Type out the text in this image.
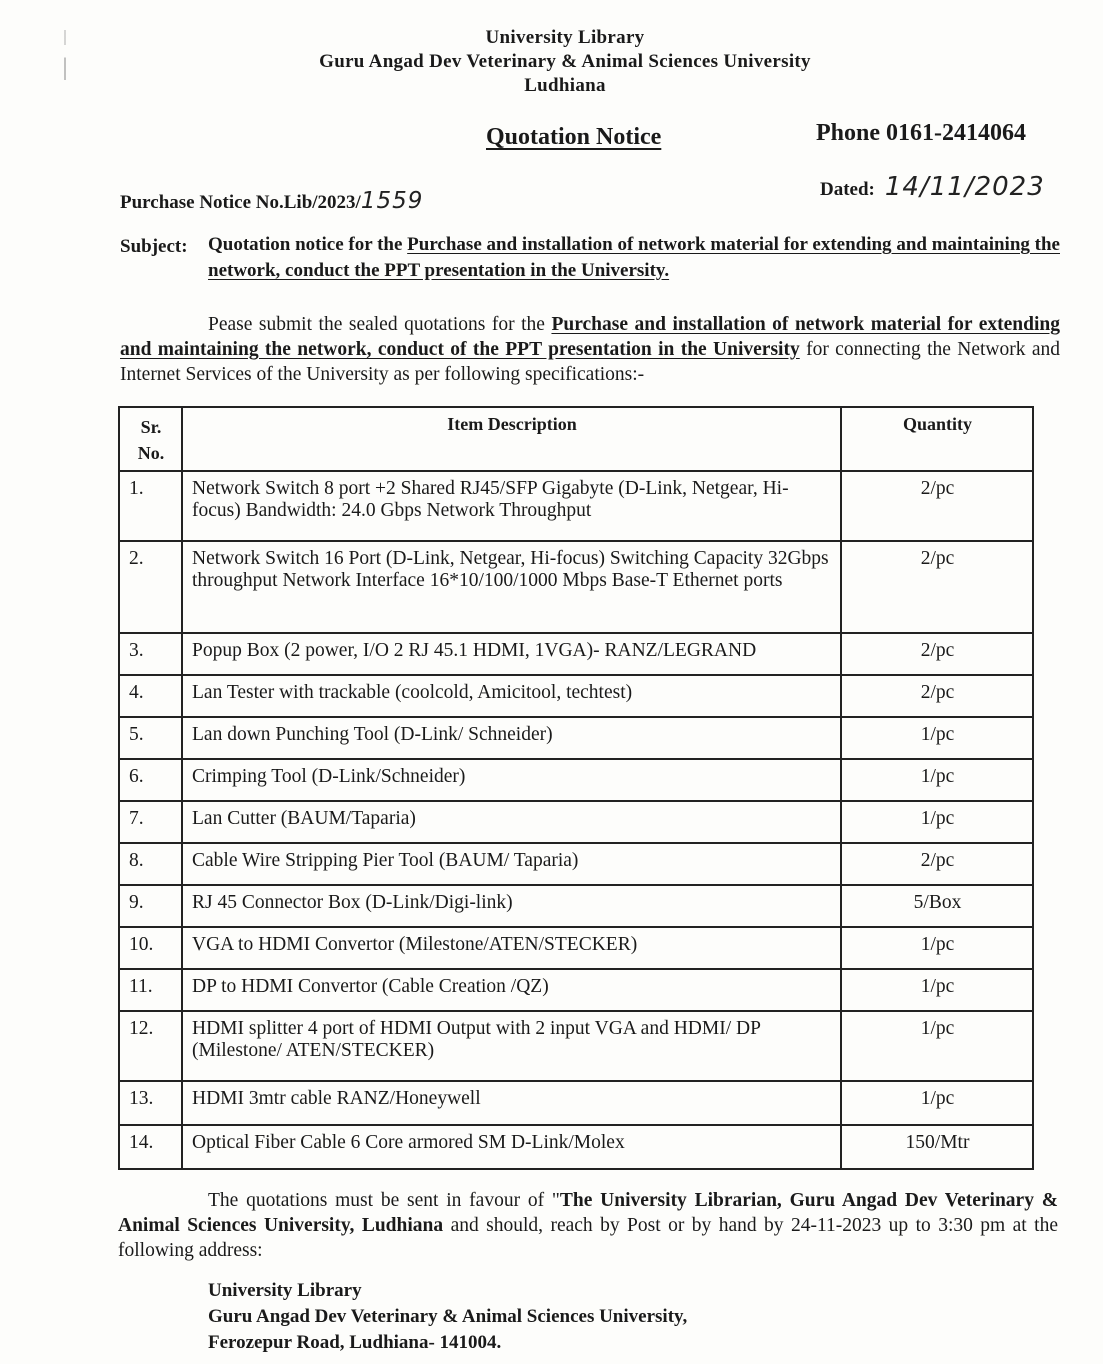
University Library
Guru Angad Dev Veterinary & Animal Sciences University
Ludhiana
Quotation Notice	Phone 0161-2414064
Purchase Notice No.Lib/2023/1559	Dated: 14/11/2023
Subject: Quotation notice for the Purchase and installation of network material for extending and maintaining the network, conduct the PPT presentation in the University.
Pease submit the sealed quotations for the Purchase and installation of network material for extending and maintaining the network, conduct of the PPT presentation in the University for connecting the Network and Internet Services of the University as per following specifications:-
Sr. No.	Item Description	Quantity
1.	Network Switch 8 port +2 Shared RJ45/SFP Gigabyte (D-Link, Netgear, Hi-focus) Bandwidth: 24.0 Gbps Network Throughput	2/pc
2.	Network Switch 16 Port (D-Link, Netgear, Hi-focus) Switching Capacity 32Gbps throughput Network Interface 16*10/100/1000 Mbps Base-T Ethernet ports	2/pc
3.	Popup Box (2 power, I/O 2 RJ 45.1 HDMI, 1VGA)- RANZ/LEGRAND	2/pc
4.	Lan Tester with trackable (coolcold, Amicitool, techtest)	2/pc
5.	Lan down Punching Tool (D-Link/ Schneider)	1/pc
6.	Crimping Tool (D-Link/Schneider)	1/pc
7.	Lan Cutter (BAUM/Taparia)	1/pc
8.	Cable Wire Stripping Pier Tool (BAUM/ Taparia)	2/pc
9.	RJ 45 Connector Box (D-Link/Digi-link)	5/Box
10.	VGA to HDMI Convertor (Milestone/ATEN/STECKER)	1/pc
11.	DP to HDMI Convertor (Cable Creation /QZ)	1/pc
12.	HDMI splitter 4 port of HDMI Output with 2 input VGA and HDMI/ DP (Milestone/ ATEN/STECKER)	1/pc
13.	HDMI 3mtr cable RANZ/Honeywell	1/pc
14.	Optical Fiber Cable 6 Core armored SM D-Link/Molex	150/Mtr
The quotations must be sent in favour of "The University Librarian, Guru Angad Dev Veterinary & Animal Sciences University, Ludhiana and should, reach by Post or by hand by 24-11-2023 up to 3:30 pm at the following address:
University Library
Guru Angad Dev Veterinary & Animal Sciences University,
Ferozepur Road, Ludhiana- 141004.
